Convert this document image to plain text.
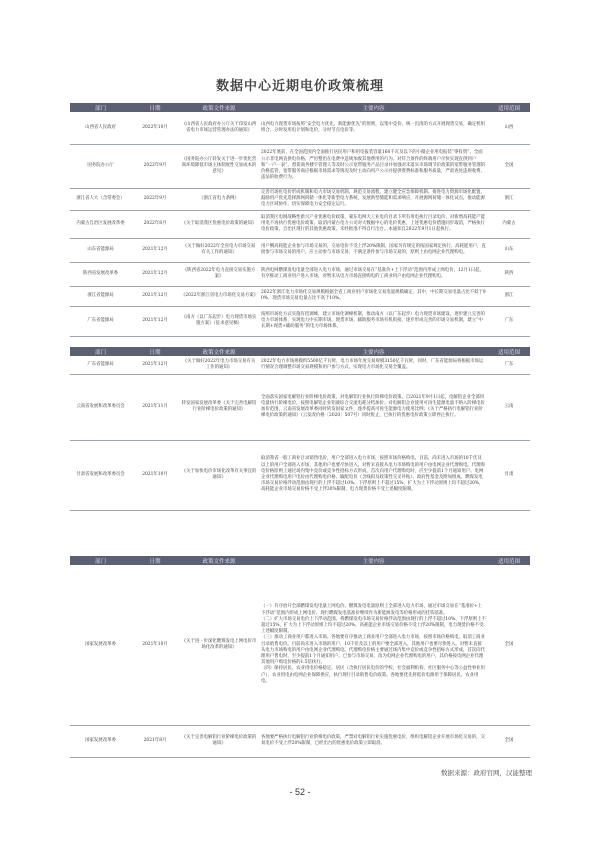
数据中心近期电价政策梳理
部门	日期	政策文件来源	主要内容	适用范围
山西省人民政府	2022年10月	《山西省人民政府办公厅关于印发山西省电力市场运营管理办法的通知》	山西电力现货市场按照“安全电力优先、新能源优先”的原则，以集中竞价、统一出清的方式开展现货交易，确定机组组合、分时发用电计划和电价，分时节点电价等。	山西
国务院办公厅	2022年9月	《国务院办公厅转发关于进一步优化营商环境降低市场主体制度性交易成本的意见》	2022年底前，在全国范围内全面推行居民用户和用电报装容量160千瓦及以下的小微企业用电报装“零投资”。全面公示非电网直供电价格，严厉整治在电费中违规加收其他费用的行为。对符合条件的终端用户尽快实现直供到户和“一户一表”。督促商务楼宇管理人等及时公示宽带服务产品目录并加强对未落实市场调节价政策的宽带服务管理的价格监管，宽带服务商应根据市场需求等情况及时主动向用户公示并提供资费标准和服务质量，严肃查处违规收费、违法的收费行为。	全国
浙江省人大（含常委会）	2022年9月	《浙江省电力条例》	完善市场化电价形成机制和电力市场交易机制，规范交易流程，建立健全应急保障机制。推进电力资源市场化配置，鼓励用户优先选择源网荷储一体化等新型电力系统，发展新型储能和需求响应，开展源网荷储一体化试点，推动能源电力区域协作，切实保障电力安全稳定运行。	浙江
内蒙古自治区发展改革委	2022年8月	《关于取消我区优惠电价政策的通知》	取消我区电网战略性新兴产业优惠电价政策，蒙东电网大工业电价目录下所有用电执行目录电价，对新增高耗能产能用电不再执行优惠电价政策。取消内蒙古电力公司对大数据中心的电价优惠，上述优惠电价措施同步取消，严格执行电价政策，自治区现行的其他优惠政策，未经批准不得自行出台。本通知自2022年9月1日起执行。	内蒙古
山东省能源局	2021年12月	《关于做好2022年全省电力市场交易有关工作的通知》	用户侧高耗能企业参与市场交易的，交易电价不受上浮20%限制，国家另有规定的按国家规定执行。高耗能用户，直接参与市场交易的用户，应主动参与市场交易；不满足条件参与市场交易的，原则上由电网企业代理购电。	山东
陕西省发展改革委	2021年12月	《陕西省2022年电力直接交易实施方案》	陕西电网燃煤发电电量全部进入电力市场，通过市场交易在“基准价+上下浮动”范围内形成上网电价，12月1日起，有序推动工商业用户进入市场，对暂未从电力市场直接购电的工商业用户由电网企业代理购电。	陕西
浙江省能源局	2021年12月	《2022年浙江省电力市场化交易方案》	2022年浙江电力市场化交易规模根据全省工商业用户市场化交易电量规模确定，其中，中长期交易电量占比不低于90%，现货市场交易电量占比不高于10%。	浙江
广东省能源局	2021年12月	《南方（以广东起步）电力现货市场实施方案》（征求意见稿）	按照市场化方式实施有偿调峰，建立市场化调峰机制，推动南方（以广东起步）电力现货市场建设，逐步建立完善的电力市场体系，实现电力中长期市场、现货市场、辅助服务市场有机衔接，逐步形成完善的市场交易机制，建立“中长期+现货+辅助服务”的电力市场体系。	广东
部门	日期	政策文件来源	主要内容	适用范围
广东省能源局	2021年12月	《关于做好2022年电力市场交易有关工作的通知》	2022年电力市场规模约5500亿千瓦时，电力市场年度交易规模3150亿千瓦时，同时，广东省能源局将根据市场运行情况合理调整市场交易规模和用户参与方式，实现电力市场化交易全覆盖。	广东
云南省发展和改革委员会	2021年11月	转发国家发展改革委《关于完善电解铝行业阶梯电价政策的通知》	全面落实国家电解铝行业阶梯电价政策，对电解铝行业执行阶梯电价政策。自2021年9月1日起，电解铝企业全部用电量执行阶梯电价，按照电解铝企业铝液综合交流电耗分档加价；对电解铝企业使用可再生能源电量不纳入阶梯电价加价范围，云南省发展改革委同时转发国家文件，逐步提高可再生能源电力使用比例；《关于严格执行电解铝行业阶梯电价政策的通知》（云发改价格〔2020〕507号）同时废止，已执行的优惠电价政策立即停止执行。	云南
甘肃省发展和改革委员会	2021年10月	《关于加快电价市场化改革有关事宜的通知》	取消我省一般工商业目录销售电价，用户全部进入电力市场，按照市场价格购电，目前，尚未进入市场的10千伏及以上的用户全部进入市场，其他用户也要尽快进入，对暂未直接从电力市场购电的用户由电网企业代理购电。代理购电价格原则上通过场内集中竞价或竞争性招标方式形成，首次向用户代理购电时，应至少提前1个月通知用户。电网企业代理购电用户电价由代理购电价格、输配电价（含线损及政策性交叉补贴）、政府性基金及附加组成。燃煤发电市场交易价格浮动范围由现行的上浮不超过10%、下浮原则上不超过15%，扩大为上下浮动原则上均不超过20%，高耗能企业市场交易价格不受上浮20%限制，电力现货价格不受上述幅度限制。	甘肃
部门	日期	政策文件来源	主要内容	适用范围
国家发展改革委	2021年10月	《关于进一步深化燃煤发电上网电价市场化改革的通知》	（一）有序放开全部燃煤发电电量上网电价。燃煤发电电量原则上全部进入电力市场，通过市场交易在“基准价+上下浮动”范围内形成上网电价。现行燃煤发电基准价继续作为新能源发电等价格形成的挂钩基准。
（二）扩大市场交易电价上下浮动范围。将燃煤发电市场交易价格浮动范围由现行的上浮不超过10%、下浮原则上不超过15%，扩大为上下浮动原则上均不超过20%，高耗能企业市场交易价格不受上浮20%限制，电力现货价格不受上述幅度限制。
（三）推动工商业用户都进入市场。各地要有序推动工商业用户全部进入电力市场，按照市场价格购电，取消工商业目录销售电价。目前尚未进入市场的用户，10千伏及以上的用户要全部进入，其他用户也要尽快进入。对暂未直接从电力市场购电的用户由电网企业代理购电。代理购电价格主要通过场内集中竞价或竞争性招标方式形成，首次向代理用户售电时，至少提前1个月通知用户。已参与市场交易、改为电网企业代理购电的用户，其价格按电网企业代理其他用户购电价格的1.5倍执行。
（四）保持居民、农业用电价格稳定。居民（含执行居民电价的学校、社会福利机构、社区服务中心等公益性事业用户）、农业用电由电网企业保障供应，执行现行目录销售电价政策。各地要优先将低价电源用于保障居民、农业用电。	全国
国家发展改革委	2021年8月	《关于完善电解铝行业阶梯电价政策的通知》	各地要严格执行电解铝行业阶梯电价政策，严禁对电解铝行业实施优惠电价，组织电解铝企业开展市场化交易的，交易电价不受上浮20%限制，已经出台的优惠电价政策立即取消。	全国
数据来源：政府官网，汉能整理
- 52 -
